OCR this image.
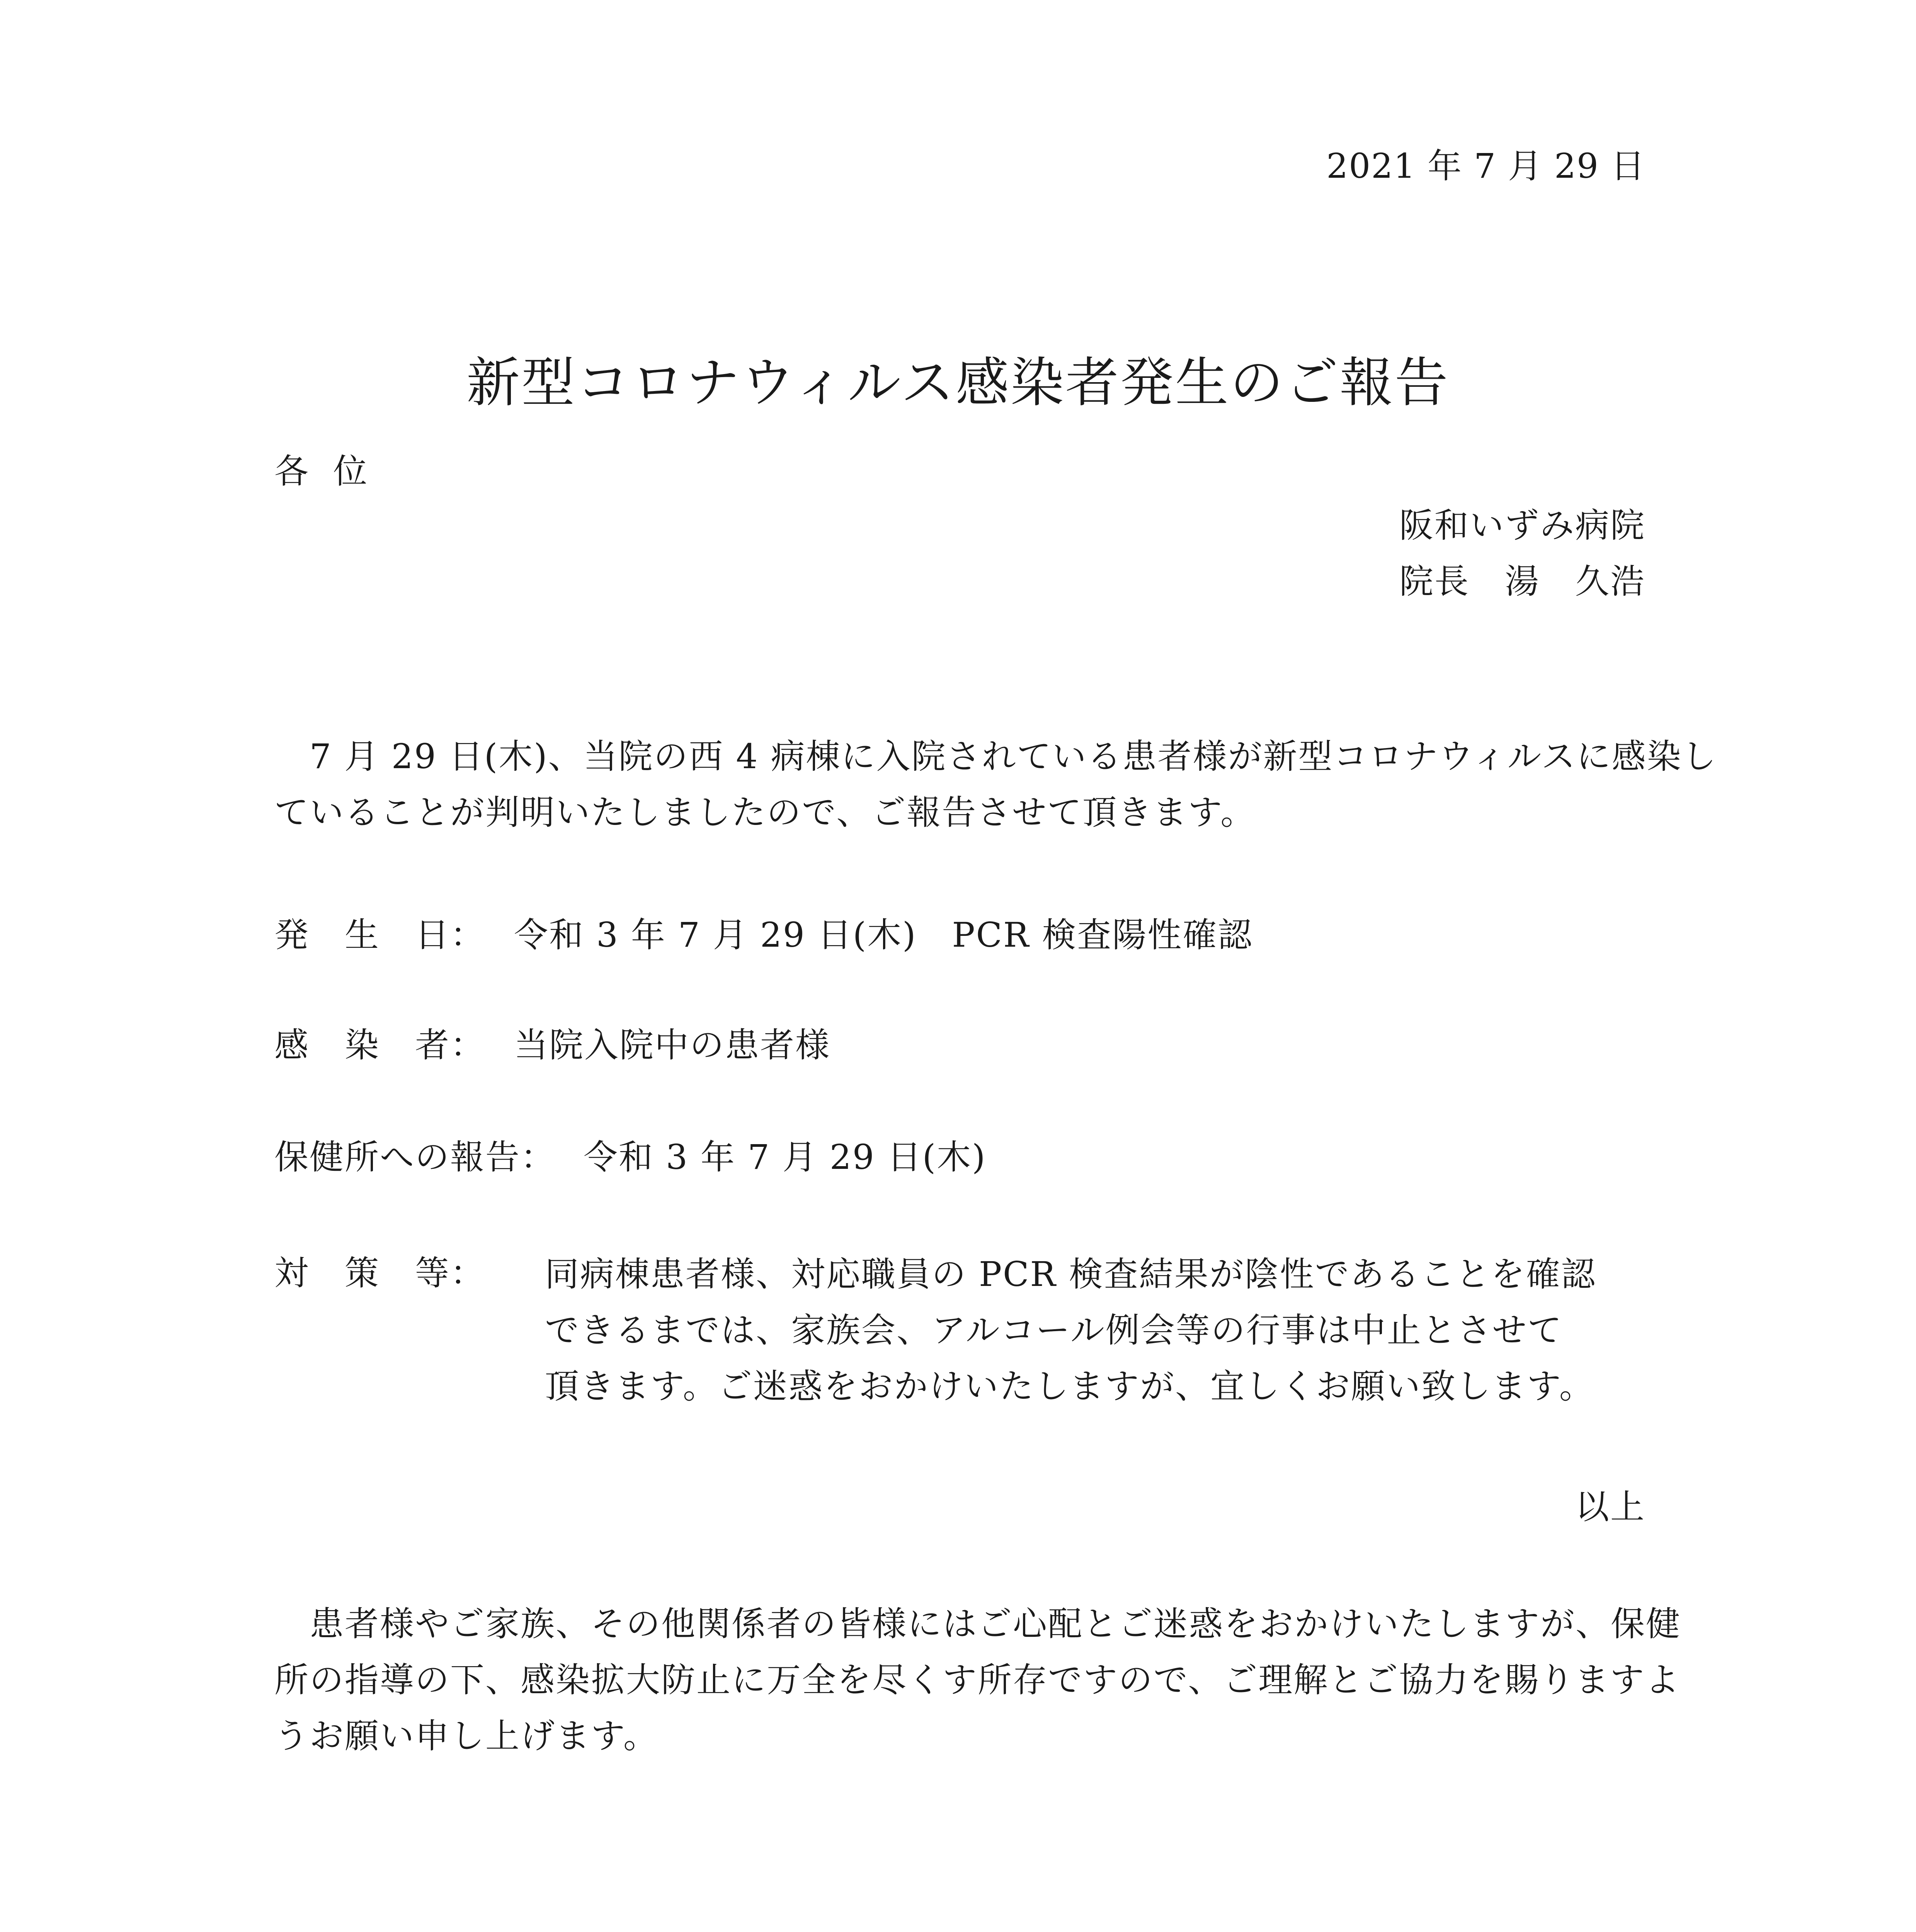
2021 年 7 月 29 日
新型コロナウィルス感染者発生のご報告
各位
阪和いずみ病院
院長　湯　久浩
　7 月 29 日(木)、当院の西 4 病棟に入院されている患者様が新型コロナウィルスに感染し
ていることが判明いたしましたので、ご報告させて頂きます。
発　生　日： 令和 3 年 7 月 29 日(木)　PCR 検査陽性確認
感　染　者： 当院入院中の患者様
保健所への報告： 令和 3 年 7 月 29 日(木)
対　策　等： 同病棟患者様、対応職員の PCR 検査結果が陰性であることを確認
できるまでは、家族会、アルコール例会等の行事は中止とさせて
頂きます。ご迷惑をおかけいたしますが、宜しくお願い致します。
以上
　患者様やご家族、その他関係者の皆様にはご心配とご迷惑をおかけいたしますが、保健
所の指導の下、感染拡大防止に万全を尽くす所存ですので、ご理解とご協力を賜りますよ
うお願い申し上げます。
